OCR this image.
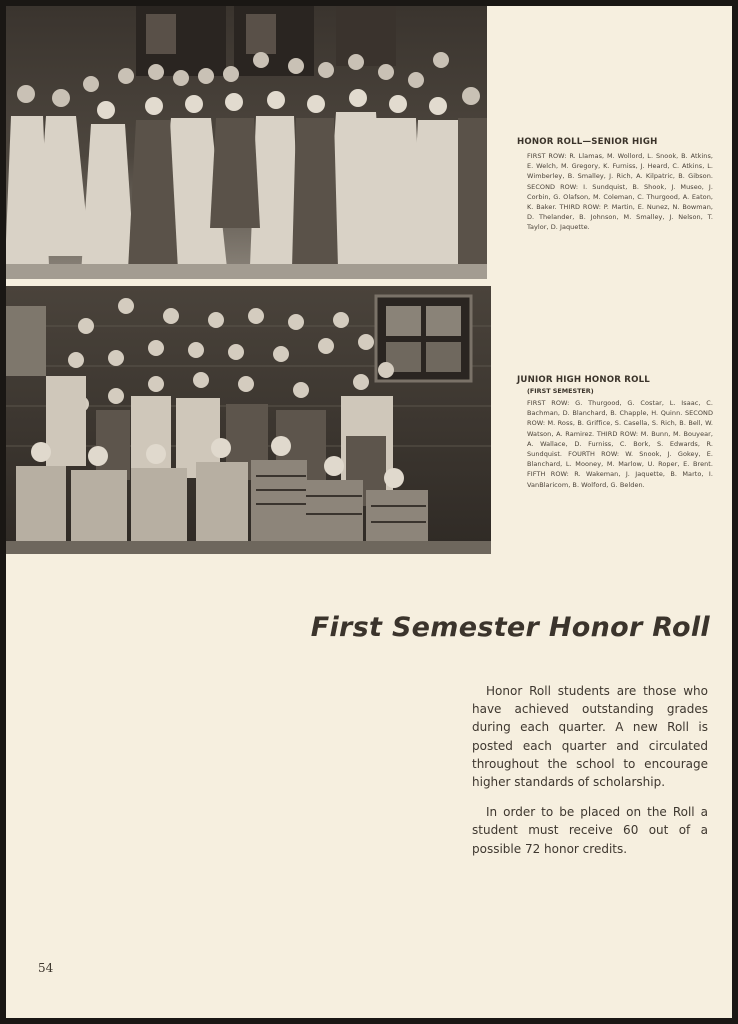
HONOR ROLL—SENIOR HIGH

FIRST ROW: R. Llamas, M. Wollord, L. Snook, B. Atkins, E. Welch, M. Gregory, K. Furniss, J. Heard, C. Atkins, L. Wimberley, B. Smalley, J. Rich, A. Kilpatric, B. Gibson. SECOND ROW: I. Sundquist, B. Shook, J. Museo, J. Corbin, G. Olafson, M. Coleman, C. Thurgood, A. Eaton, K. Baker. THIRD ROW: P. Martin, E. Nunez, N. Bowman, D. Thelander, B. Johnson, M. Smalley, J. Nelson, T. Taylor, D. Jaquette.

JUNIOR HIGH HONOR ROLL
(FIRST SEMESTER)

FIRST ROW: G. Thurgood, G. Costar, L. Isaac, C. Bachman, D. Blanchard, B. Chapple, H. Quinn. SECOND ROW: M. Ross, B. Griffice, S. Casella, S. Rich, B. Bell, W. Watson, A. Ramirez. THIRD ROW: M. Bunn, M. Bouyear, A. Wallace, D. Furniss, C. Bork, S. Edwards, R. Sundquist. FOURTH ROW: W. Snook, J. Gokey, E. Blanchard, L. Mooney, M. Marlow, U. Roper, E. Brent. FIFTH ROW: R. Wakeman, J. Jaquette, B. Marto, I. VanBlaricom, B. Wolford, G. Belden.

First Semester Honor Roll

Honor Roll students are those who have achieved outstanding grades during each quarter. A new Roll is posted each quarter and circulated throughout the school to encourage higher standards of scholarship.

In order to be placed on the Roll a student must receive 60 out of a possible 72 honor credits.

54
